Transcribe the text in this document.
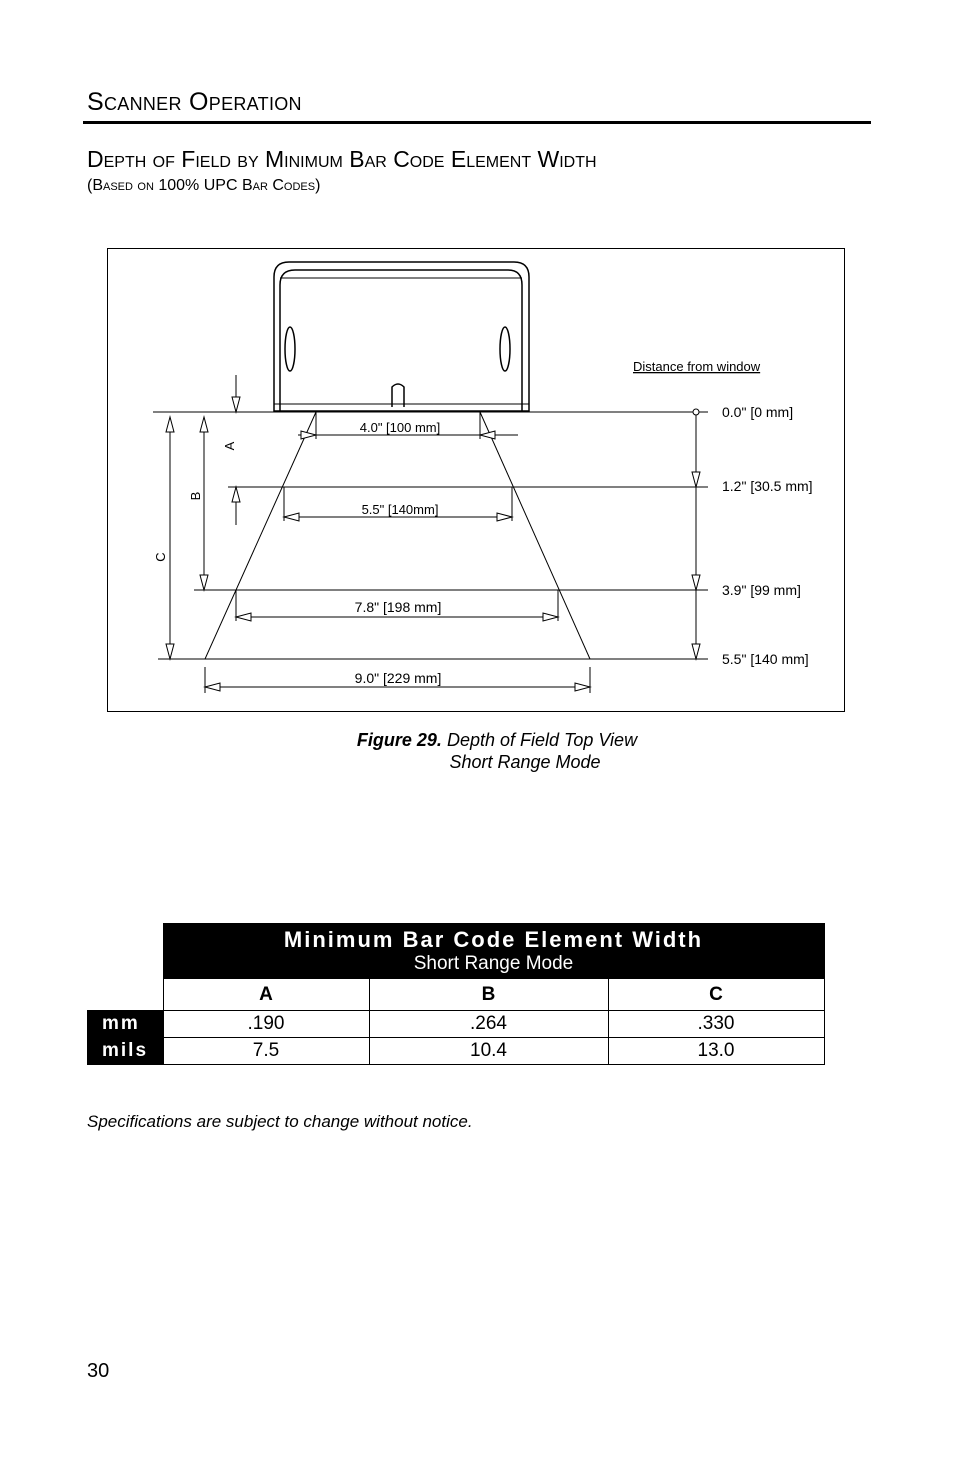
Scanner Operation
Depth of Field by Minimum Bar Code Element Width
(Based on 100% UPC Bar Codes)
Distance from window
0.0" [0 mm]
1.2" [30.5 mm]
3.9" [99 mm]
5.5" [140 mm]
4.0" [100 mm]
5.5" [140mm]
7.8" [198 mm]
9.0" [229 mm]
A
B
C
Figure 29. Depth of Field Top View
Short Range Mode

	Minimum Bar Code Element Width
Short Range Mode		

	A	B	C
mm	.190	.264	.330
mils	7.5	10.4	13.0
Specifications are subject to change without notice.
30
